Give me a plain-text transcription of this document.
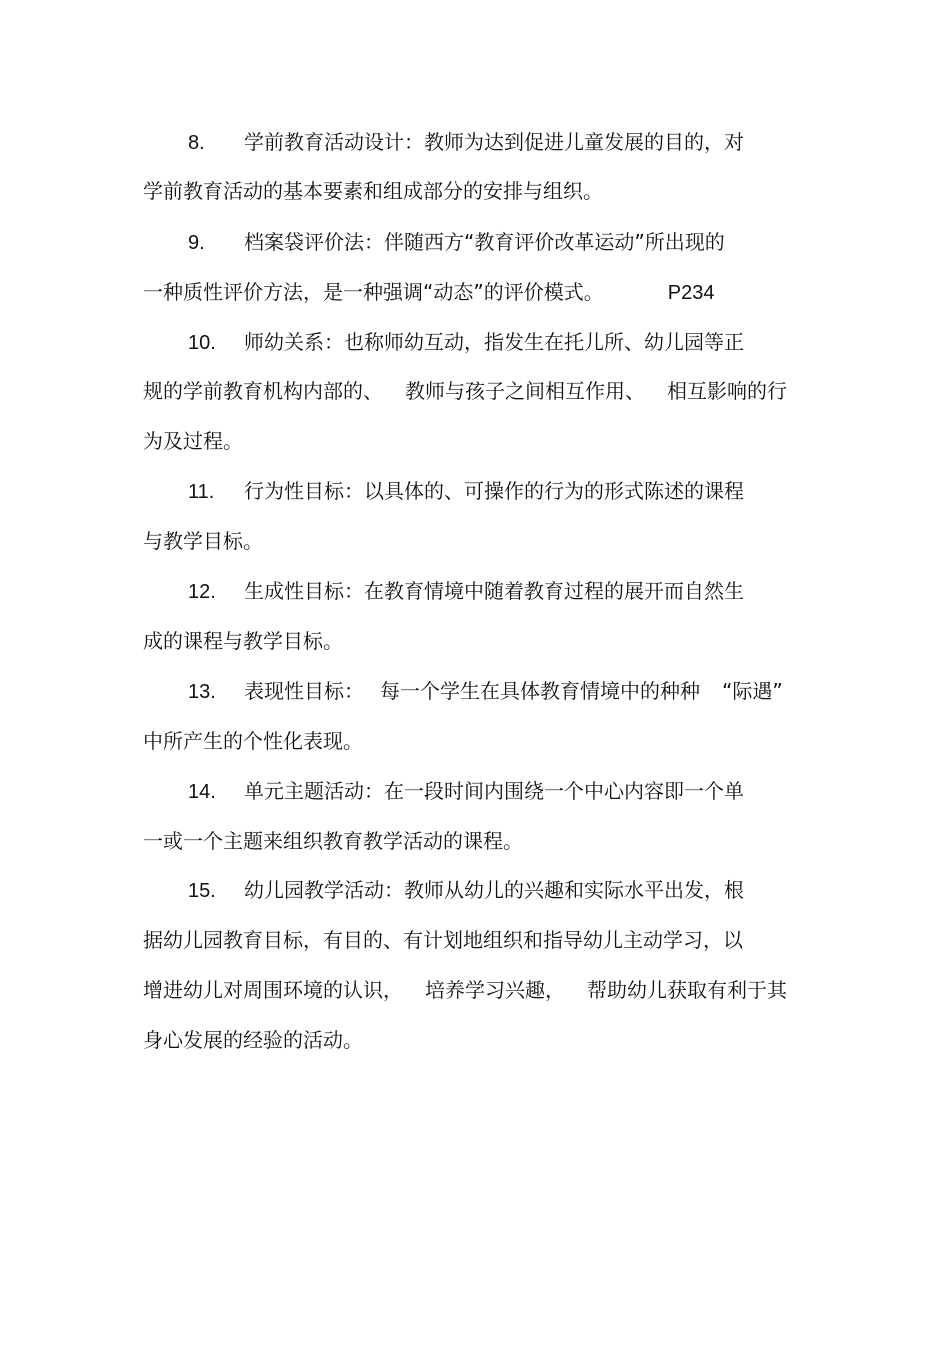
8. 学前教育活动设计：教师为达到促进儿童发展的目的，对
学前教育活动的基本要素和组成部分的安排与组织。
9. 档案袋评价法：伴随西方“教育评价改革运动”所出现的
一种质性评价方法，是一种强调“动态”的评价模式。	P234
10. 师幼关系：也称师幼互动，指发生在托儿所、幼儿园等正
规的学前教育机构内部的、 教师与孩子之间相互作用、 相互影响的行
为及过程。
11. 行为性目标：以具体的、可操作的行为的形式陈述的课程
与教学目标。
12. 生成性目标：在教育情境中随着教育过程的展开而自然生
成的课程与教学目标。
13. 表现性目标： 每一个学生在具体教育情境中的种种 “际遇”
中所产生的个性化表现。
14. 单元主题活动：在一段时间内围绕一个中心内容即一个单
一或一个主题来组织教育教学活动的课程。
15. 幼儿园教学活动：教师从幼儿的兴趣和实际水平出发，根
据幼儿园教育目标，有目的、有计划地组织和指导幼儿主动学习，以
增进幼儿对周围环境的认识， 培养学习兴趣， 帮助幼儿获取有利于其
身心发展的经验的活动。
